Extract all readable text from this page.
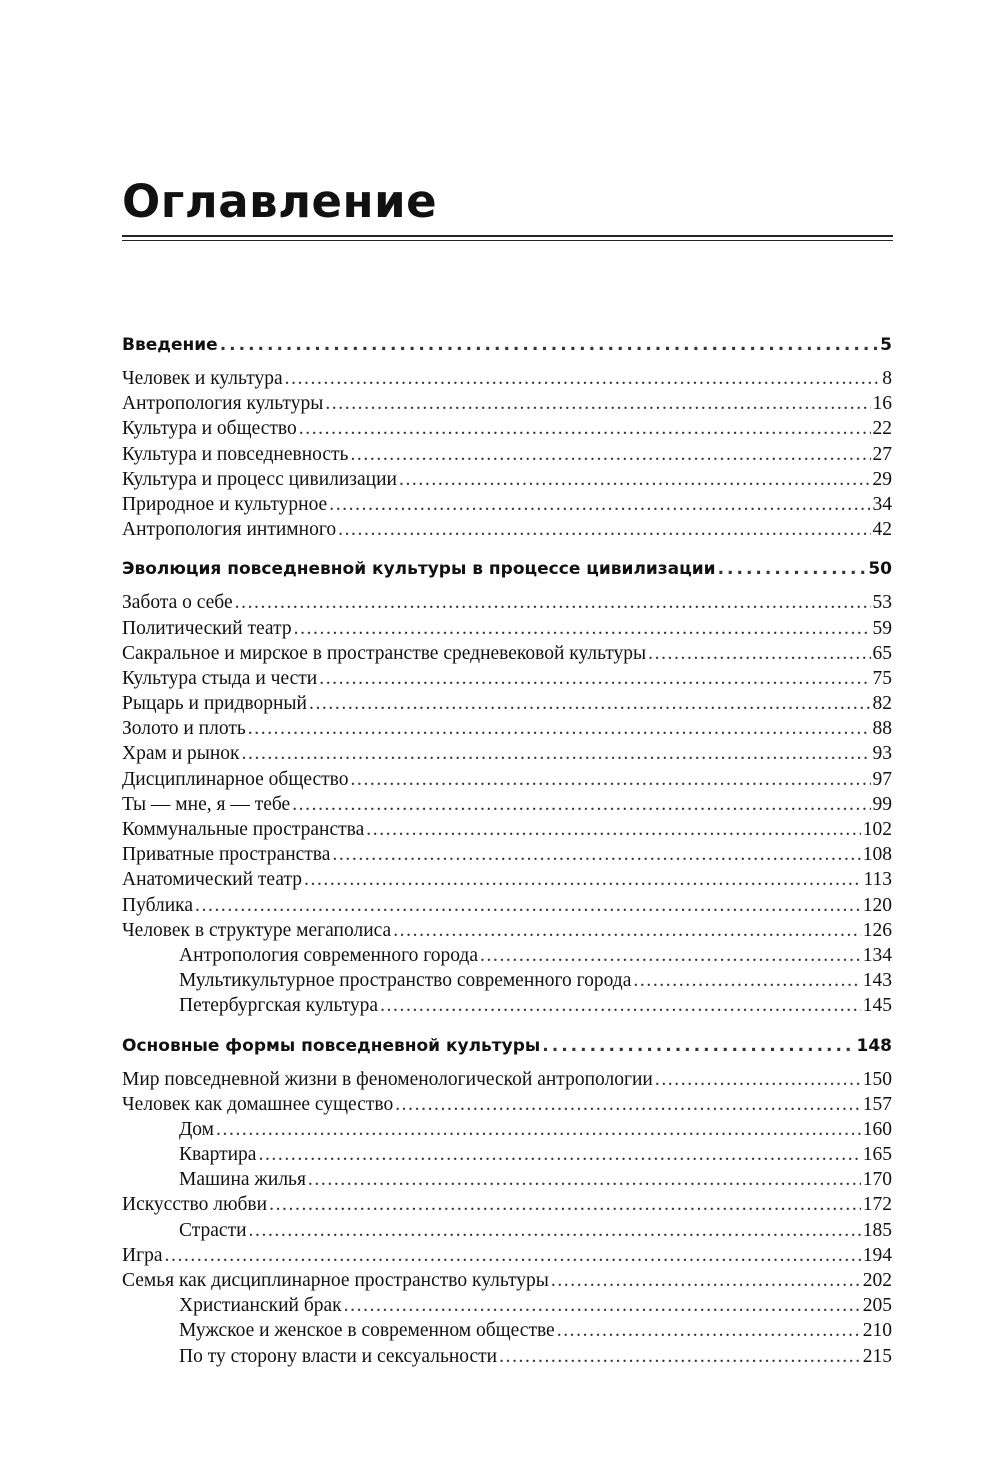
Оглавление
Введение .....	5
Человек и культура .....	8
Антропология культуры .....	16
Культура и общество .....	22
Культура и повседневность .....	27
Культура и процесс цивилизации .....	29
Природное и культурное .....	34
Антропология интимного .....	42
Эволюция повседневной культуры в процессе цивилизации .....	50
Забота о себе .....	53
Политический театр .....	59
Сакральное и мирское в пространстве средневековой культуры .....	65
Культура стыда и чести .....	75
Рыцарь и придворный .....	82
Золото и плоть .....	88
Храм и рынок .....	93
Дисциплинарное общество .....	97
Ты — мне, я — тебе .....	99
Коммунальные пространства .....	102
Приватные пространства .....	108
Анатомический театр .....	113
Публика .....	120
Человек в структуре мегаполиса .....	126
Антропология современного города .....	134
Мультикультурное пространство современного города .....	143
Петербургская культура .....	145
Основные формы повседневной культуры .....	148
Мир повседневной жизни в феноменологической антропологии .....	150
Человек как домашнее существо .....	157
Дом .....	160
Квартира .....	165
Машина жилья .....	170
Искусство любви .....	172
Страсти .....	185
Игра .....	194
Семья как дисциплинарное пространство культуры .....	202
Христианский брак .....	205
Мужское и женское в современном обществе .....	210
По ту сторону власти и сексуальности .....	215
